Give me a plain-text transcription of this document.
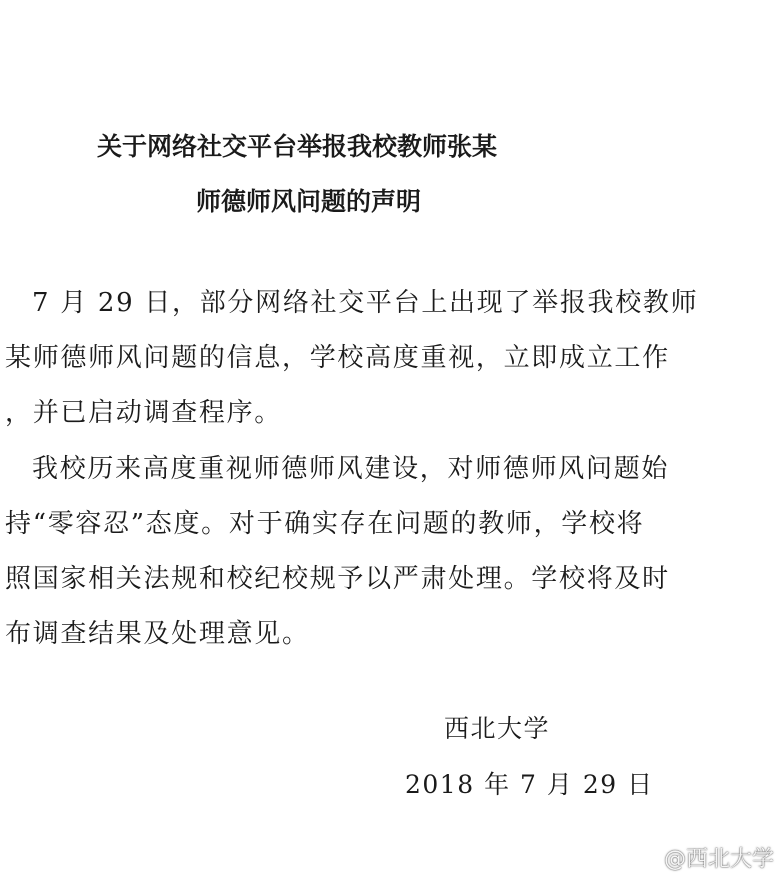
关于网络社交平台举报我校教师张某
师德师风问题的声明
7 月 29 日，部分网络社交平台上出现了举报我校教师
某师德师风问题的信息，学校高度重视，立即成立工作
，并已启动调查程序。
我校历来高度重视师德师风建设，对师德师风问题始
持“零容忍”态度。对于确实存在问题的教师，学校将
照国家相关法规和校纪校规予以严肃处理。学校将及时
布调查结果及处理意见。

西北大学

2018 年 7 月 29 日

@西北大学
